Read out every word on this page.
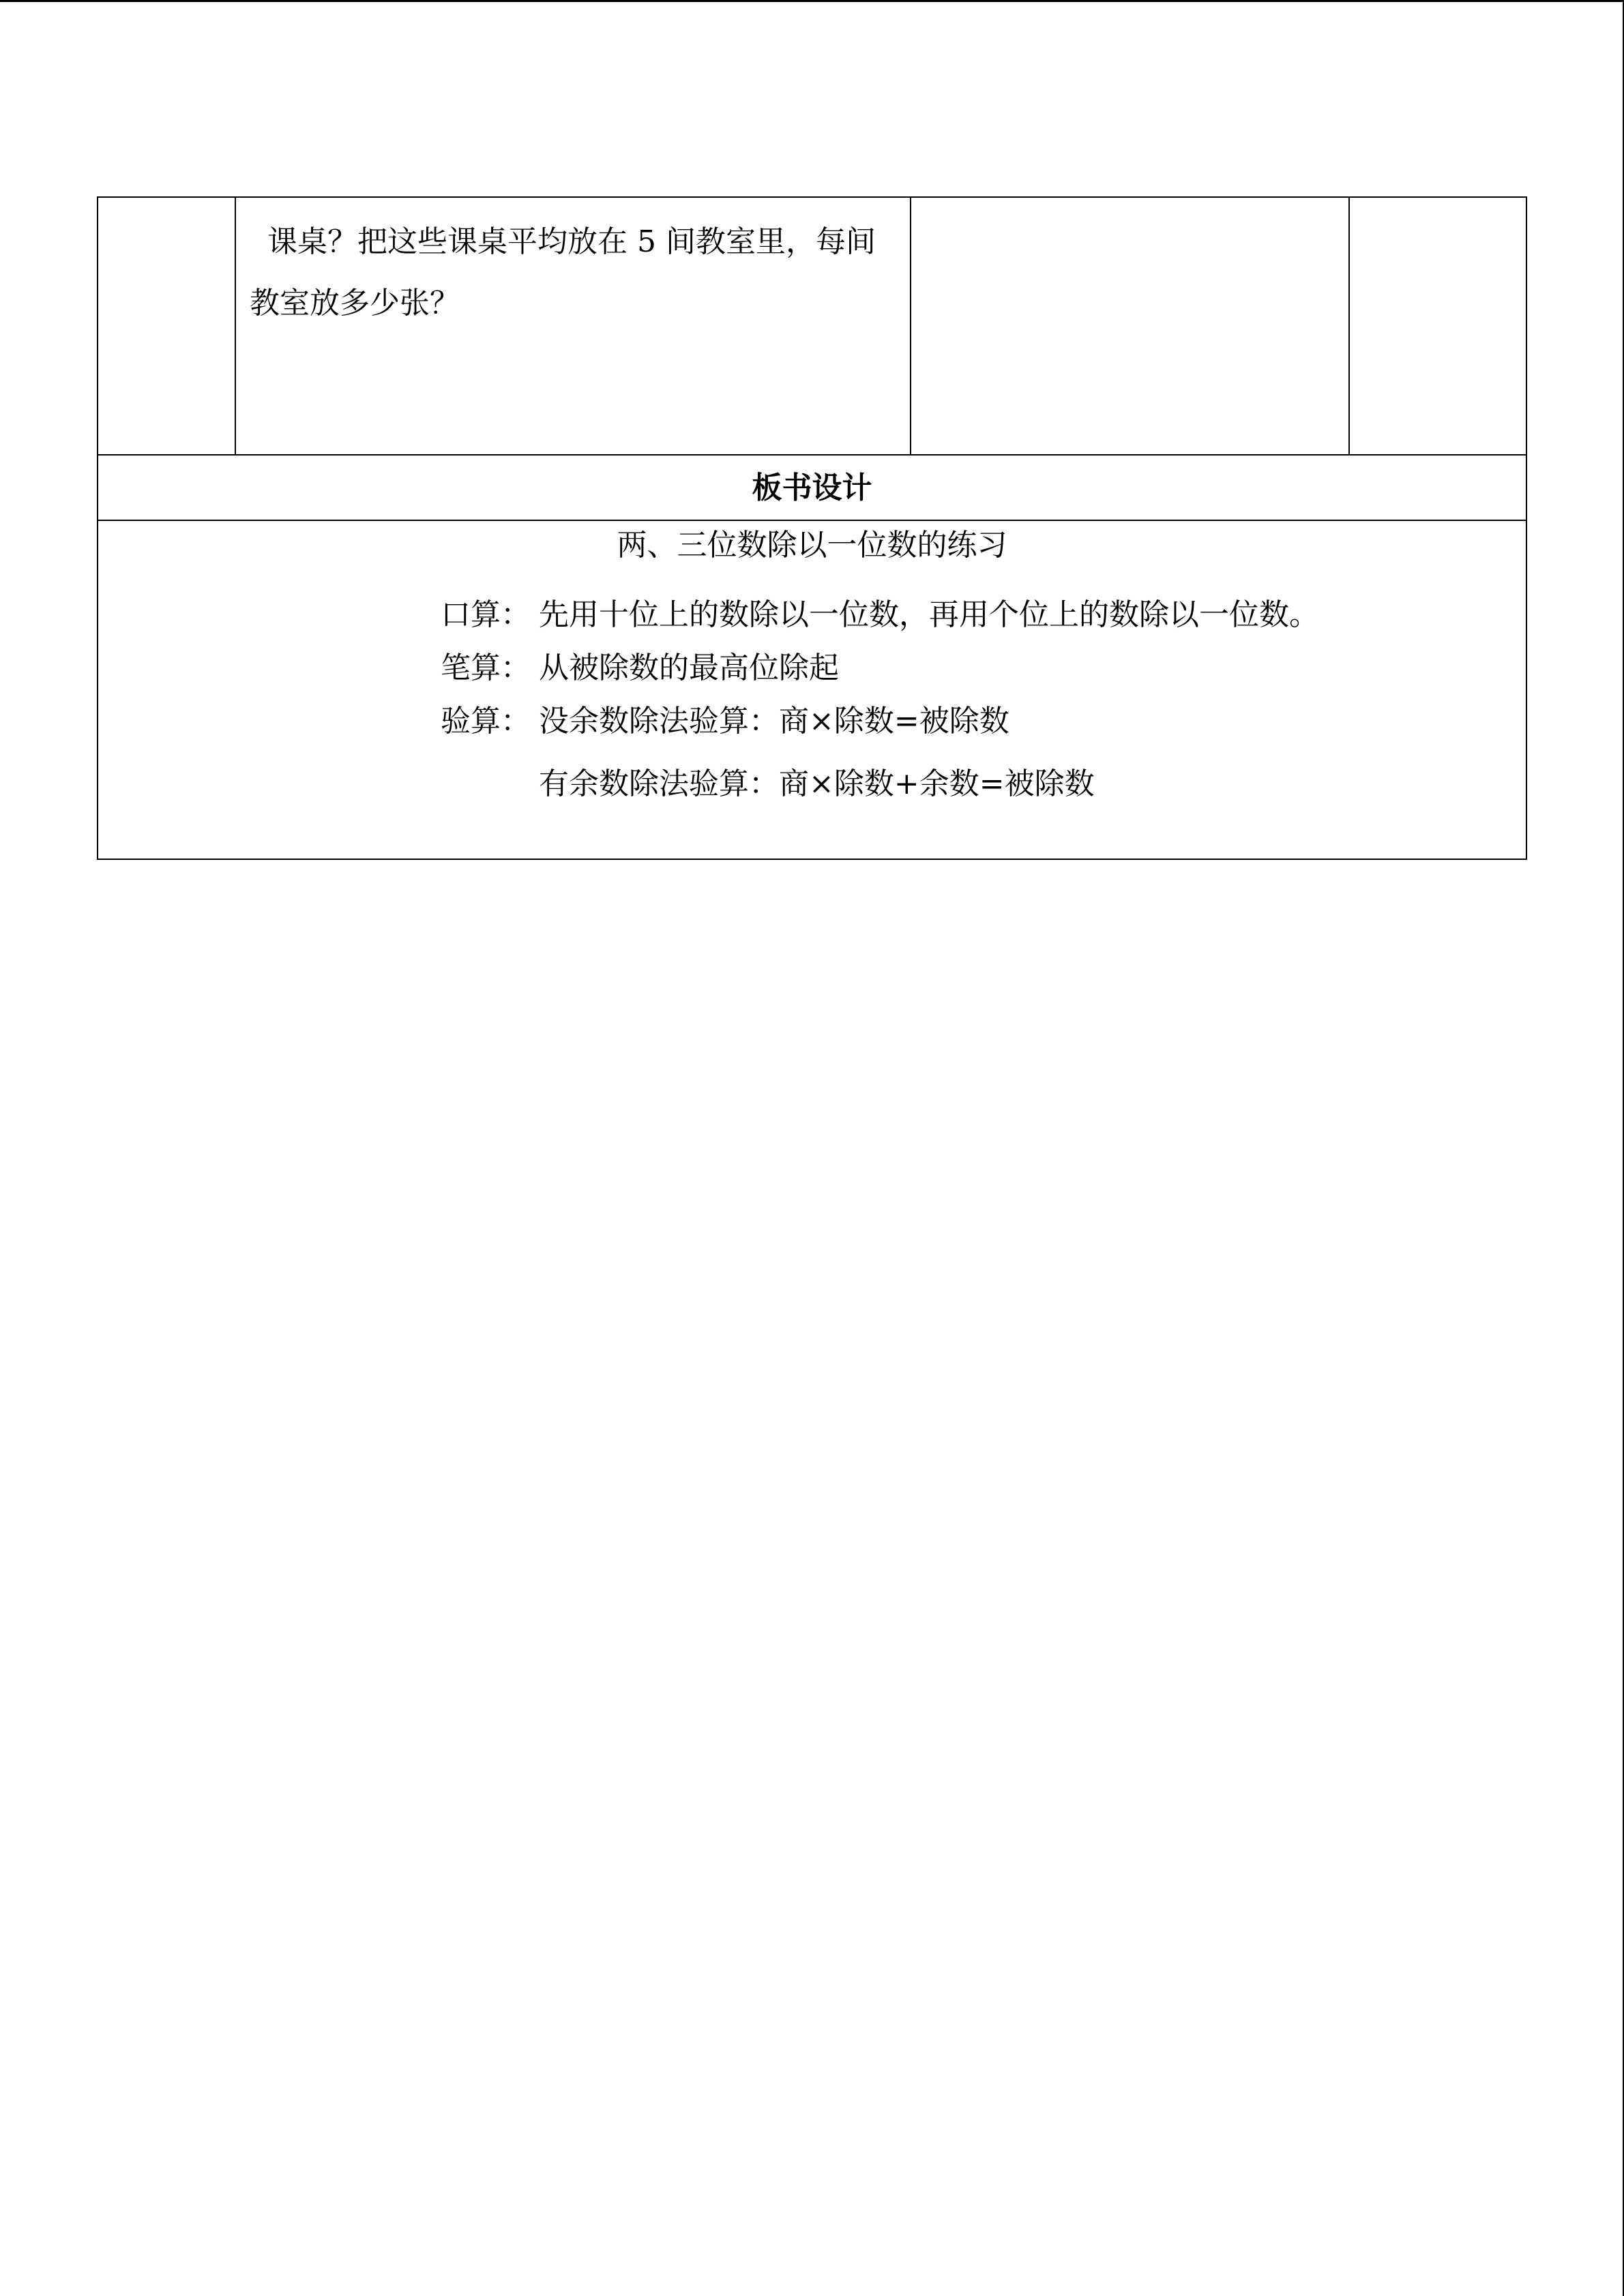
课桌？把这些课桌平均放在 5 间教室里，每间教室放多少张？
板书设计
两、三位数除以一位数的练习
口算： 先用十位上的数除以一位数，再用个位上的数除以一位数。
笔算： 从被除数的最高位除起
验算： 没余数除法验算：商×除数=被除数
有余数除法验算：商×除数+余数=被除数
